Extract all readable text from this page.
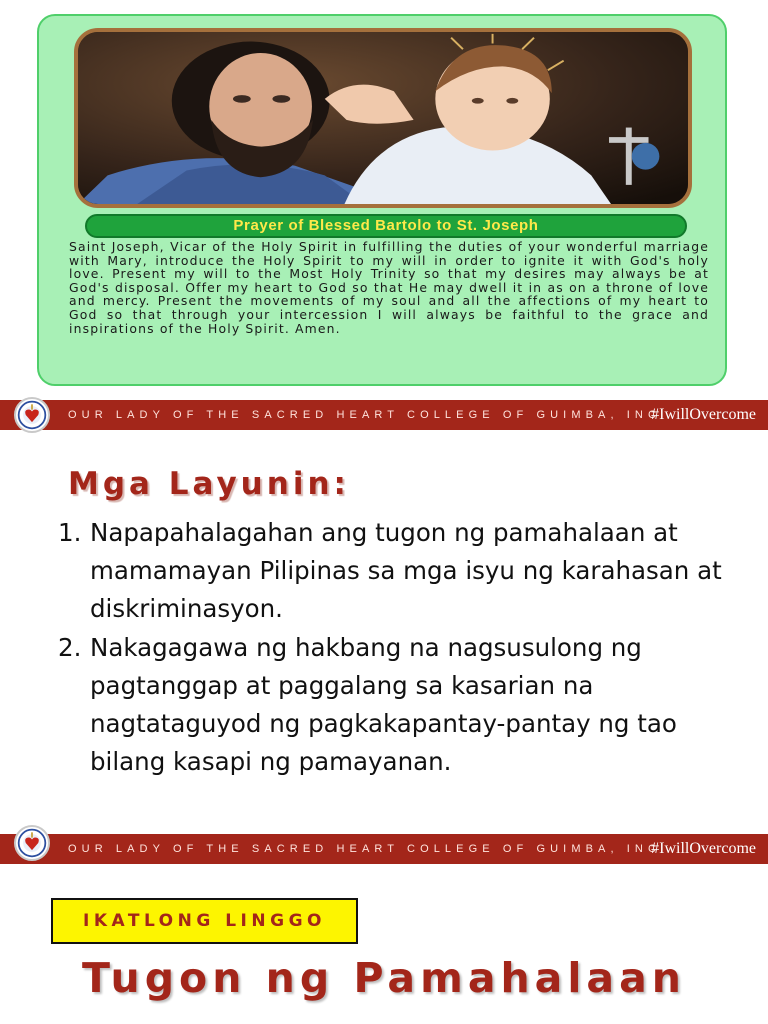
Prayer of Blessed Bartolo to St. Joseph

Saint Joseph, Vicar of the Holy Spirit in fulfilling the duties of your wonderful marriage with Mary, introduce the Holy Spirit to my will in order to ignite it with God's holy love. Present my will to the Most Holy Trinity so that my desires may always be at God's disposal. Offer my heart to God so that He may dwell it in as on a throne of love and mercy. Present the movements of my soul and all the affections of my heart to God so that through your intercession I will always be faithful to the grace and inspirations of the Holy Spirit. Amen.

OUR LADY OF THE SACRED HEART COLLEGE OF GUIMBA, INC
#IwillOvercome
Mga Layunin:
1. Napapahalagahan ang tugon ng pamahalaan at mamamayan Pilipinas sa mga isyu ng karahasan at diskriminasyon.
2. Nakagagawa ng hakbang na nagsusulong ng pagtanggap at paggalang sa kasarian na nagtataguyod ng pagkakapantay-pantay ng tao bilang kasapi ng pamayanan.
OUR LADY OF THE SACRED HEART COLLEGE OF GUIMBA, INC
#IwillOvercome
IKATLONG LINGGO
Tugon ng Pamahalaan
